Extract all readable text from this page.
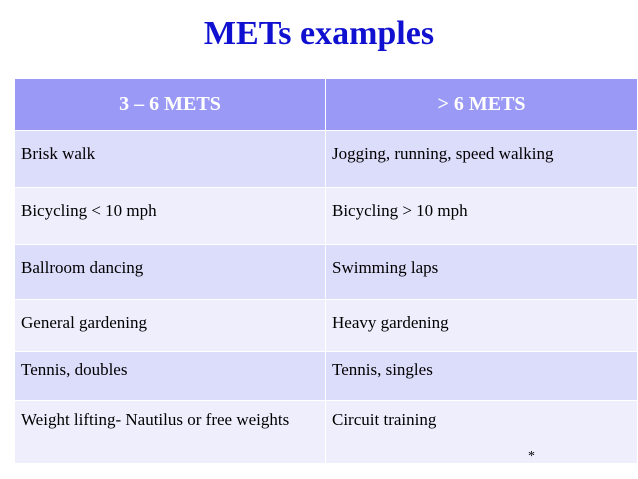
METs examples
3 – 6 METS	> 6 METS
Brisk walk	Jogging, running, speed walking
Bicycling < 10 mph	Bicycling > 10 mph
Ballroom dancing	Swimming laps
General gardening	Heavy gardening
Tennis, doubles	Tennis, singles
Weight lifting- Nautilus or free weights	Circuit training
*
